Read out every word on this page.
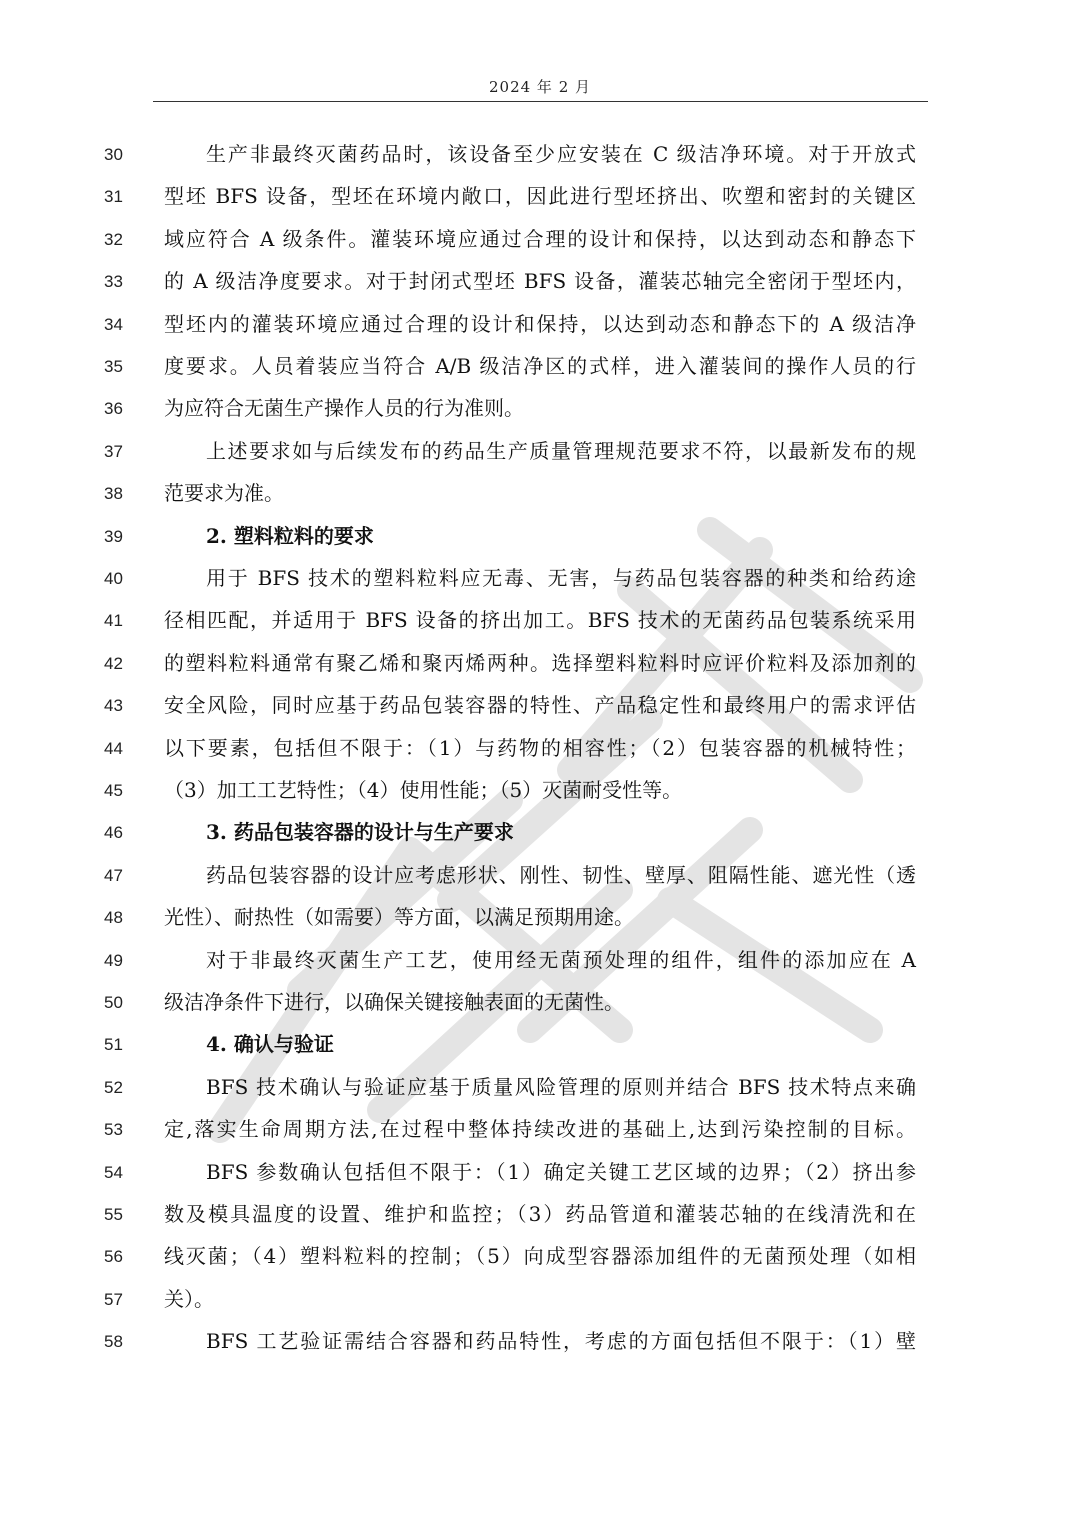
2024 年 2 月
30	生产非最终灭菌药品时，该设备至少应安装在 C 级洁净环境。对于开放式
31	型坯 BFS 设备，型坯在环境内敞口，因此进行型坯挤出、吹塑和密封的关键区
32	域应符合 A 级条件。灌装环境应通过合理的设计和保持，以达到动态和静态下
33	的 A 级洁净度要求。对于封闭式型坯 BFS 设备，灌装芯轴完全密闭于型坯内，
34	型坯内的灌装环境应通过合理的设计和保持，以达到动态和静态下的 A 级洁净
35	度要求。人员着装应当符合 A/B 级洁净区的式样，进入灌装间的操作人员的行
36	为应符合无菌生产操作人员的行为准则。
37	上述要求如与后续发布的药品生产质量管理规范要求不符，以最新发布的规
38	范要求为准。
39	2. 塑料粒料的要求
40	用于 BFS 技术的塑料粒料应无毒、无害，与药品包装容器的种类和给药途
41	径相匹配，并适用于 BFS 设备的挤出加工。BFS 技术的无菌药品包装系统采用
42	的塑料粒料通常有聚乙烯和聚丙烯两种。选择塑料粒料时应评价粒料及添加剂的
43	安全风险，同时应基于药品包装容器的特性、产品稳定性和最终用户的需求评估
44	以下要素，包括但不限于：（1）与药物的相容性；（2）包装容器的机械特性；
45	（3）加工工艺特性；（4）使用性能；（5）灭菌耐受性等。
46	3. 药品包装容器的设计与生产要求
47	药品包装容器的设计应考虑形状、刚性、韧性、壁厚、阻隔性能、遮光性（透
48	光性）、耐热性（如需要）等方面，以满足预期用途。
49	对于非最终灭菌生产工艺，使用经无菌预处理的组件，组件的添加应在 A
50	级洁净条件下进行，以确保关键接触表面的无菌性。
51	4. 确认与验证
52	BFS 技术确认与验证应基于质量风险管理的原则并结合 BFS 技术特点来确
53	定,落实生命周期方法,在过程中整体持续改进的基础上,达到污染控制的目标。
54	BFS 参数确认包括但不限于：（1）确定关键工艺区域的边界；（2）挤出参
55	数及模具温度的设置、维护和监控；（3）药品管道和灌装芯轴的在线清洗和在
56	线灭菌；（4）塑料粒料的控制；（5）向成型容器添加组件的无菌预处理（如相
57	关）。
58	BFS 工艺验证需结合容器和药品特性，考虑的方面包括但不限于：（1）壁
